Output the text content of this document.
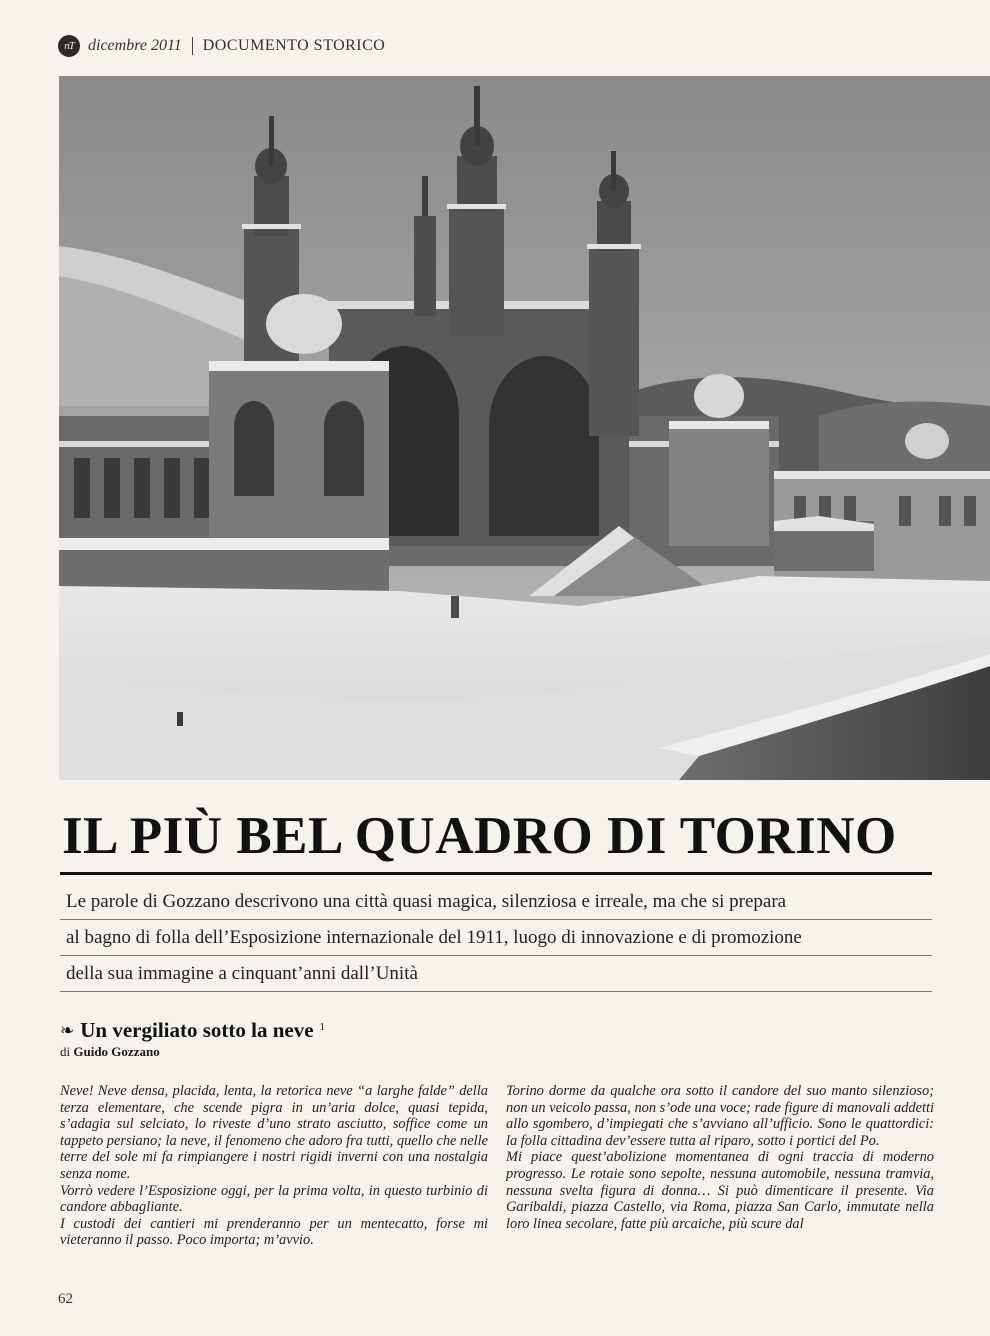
nT dicembre 2011 DOCUMENTO STORICO
IL PIÙ BEL QUADRO DI TORINO
Le parole di Gozzano descrivono una città quasi magica, silenziosa e irreale, ma che si prepara
al bagno di folla dell’Esposizione internazionale del 1911, luogo di innovazione e di promozione
della sua immagine a cinquant’anni dall’Unità
❧ Un vergiliato sotto la neve 1
di Guido Gozzano

Neve! Neve densa, placida, lenta, la retorica neve “a larghe falde” della terza elementare, che scende pigra in un’aria dolce, quasi tepida, s’adagia sul selciato, lo riveste d’uno strato asciutto, soffice come un tappeto persiano; la neve, il fenomeno che adoro fra tutti, quello che nelle terre del sole mi fa rimpiangere i nostri rigidi inverni con una nostalgia senza nome.

Vorrò vedere l’Esposizione oggi, per la prima volta, in questo turbinio di candore abbagliante.

I custodi dei cantieri mi prenderanno per un mentecatto, forse mi vieteranno il passo. Poco importa; m’avvio.

Torino dorme da qualche ora sotto il candore del suo manto silenzioso; non un veicolo passa, non s’ode una voce; rade figure di manovali addetti allo sgombero, d’impiegati che s’avviano all’ufficio. Sono le quattordici: la folla cittadina dev’essere tutta al riparo, sotto i portici del Po.

Mi piace quest’abolizione momentanea di ogni traccia di moderno progresso. Le rotaie sono sepolte, nessuna automobile, nessuna tramvia, nessuna svelta figura di donna… Si può dimenticare il presente. Via Garibaldi, piazza Castello, via Roma, piazza San Carlo, immutate nella loro linea secolare, fatte più arcaiche, più scure dal

62
